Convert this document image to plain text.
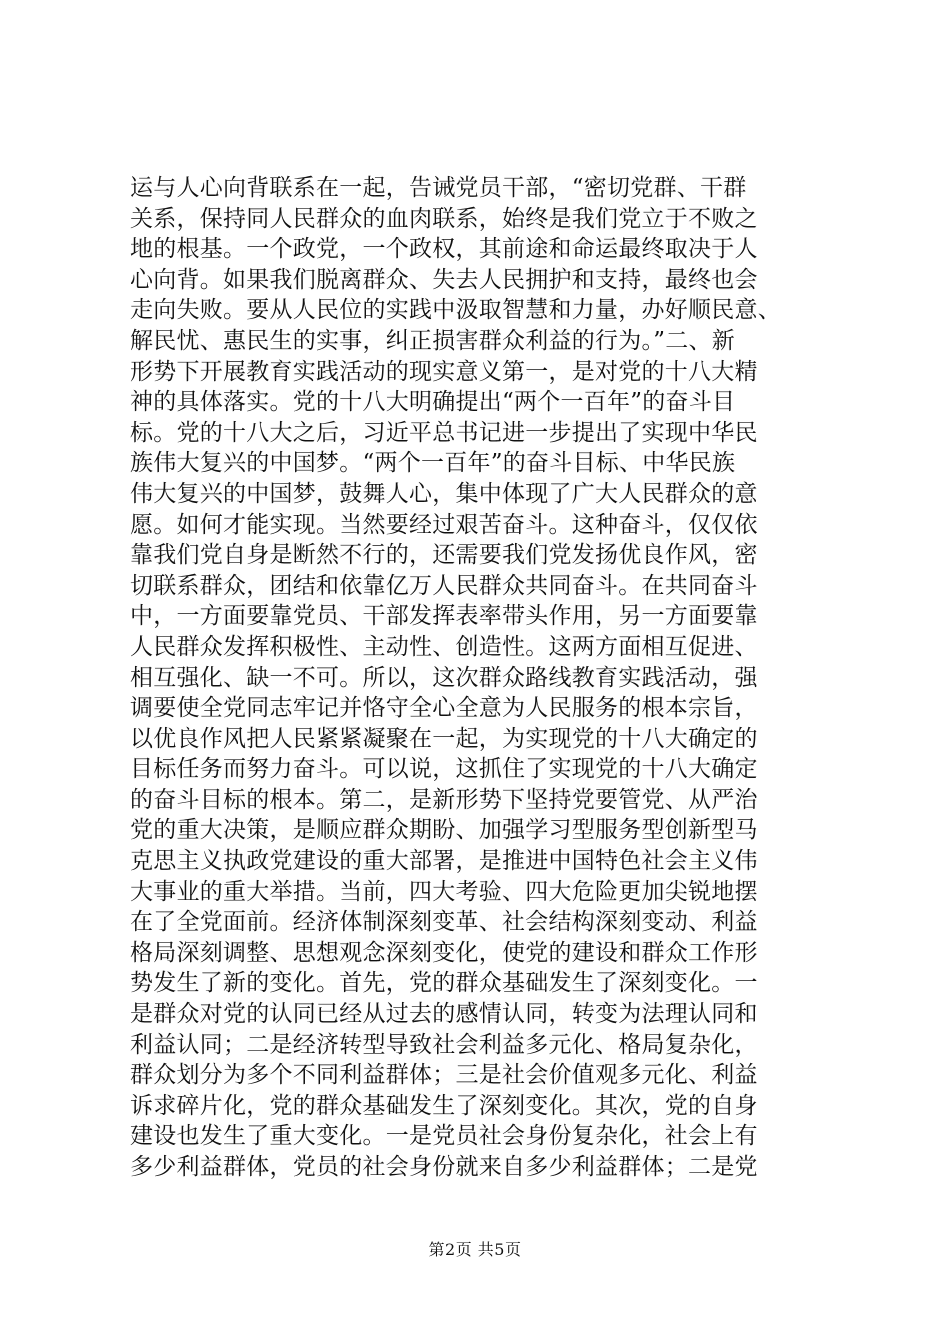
运与人心向背联系在一起，告诫党员干部，“密切党群、干群
关系，保持同人民群众的血肉联系，始终是我们党立于不败之
地的根基。一个政党，一个政权，其前途和命运最终取决于人
心向背。如果我们脱离群众、失去人民拥护和支持，最终也会
走向失败。要从人民位的实践中汲取智慧和力量，办好顺民意、
解民忧、惠民生的实事，纠正损害群众利益的行为。”二、新
形势下开展教育实践活动的现实意义第一，是对党的十八大精
神的具体落实。党的十八大明确提出“两个一百年”的奋斗目
标。党的十八大之后，习近平总书记进一步提出了实现中华民
族伟大复兴的中国梦。“两个一百年”的奋斗目标、中华民族
伟大复兴的中国梦，鼓舞人心，集中体现了广大人民群众的意
愿。如何才能实现。当然要经过艰苦奋斗。这种奋斗，仅仅依
靠我们党自身是断然不行的，还需要我们党发扬优良作风，密
切联系群众，团结和依靠亿万人民群众共同奋斗。在共同奋斗
中，一方面要靠党员、干部发挥表率带头作用，另一方面要靠
人民群众发挥积极性、主动性、创造性。这两方面相互促进、
相互强化、缺一不可。所以，这次群众路线教育实践活动，强
调要使全党同志牢记并恪守全心全意为人民服务的根本宗旨，
以优良作风把人民紧紧凝聚在一起，为实现党的十八大确定的
目标任务而努力奋斗。可以说，这抓住了实现党的十八大确定
的奋斗目标的根本。第二，是新形势下坚持党要管党、从严治
党的重大决策，是顺应群众期盼、加强学习型服务型创新型马
克思主义执政党建设的重大部署，是推进中国特色社会主义伟
大事业的重大举措。当前，四大考验、四大危险更加尖锐地摆
在了全党面前。经济体制深刻变革、社会结构深刻变动、利益
格局深刻调整、思想观念深刻变化，使党的建设和群众工作形
势发生了新的变化。首先，党的群众基础发生了深刻变化。一
是群众对党的认同已经从过去的感情认同，转变为法理认同和
利益认同；二是经济转型导致社会利益多元化、格局复杂化，
群众划分为多个不同利益群体；三是社会价值观多元化、利益
诉求碎片化，党的群众基础发生了深刻变化。其次，党的自身
建设也发生了重大变化。一是党员社会身份复杂化，社会上有
多少利益群体，党员的社会身份就来自多少利益群体；二是党
第2页 共5页
